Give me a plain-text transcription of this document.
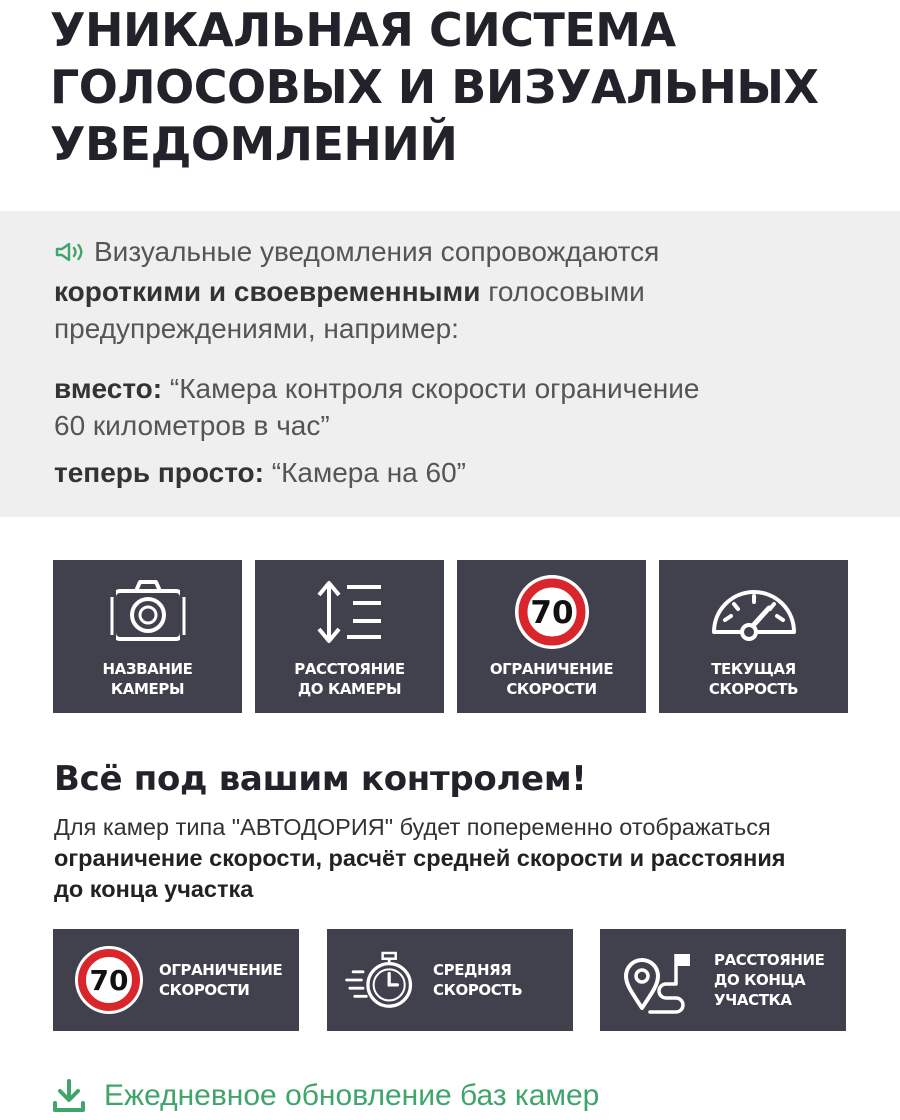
УНИКАЛЬНАЯ СИСТЕМА
ГОЛОСОВЫХ И ВИЗУАЛЬНЫХ
УВЕДОМЛЕНИЙ
Визуальные уведомления сопровождаются
короткими и своевременными голосовыми
предупреждениями, например:
вместо: “Камера контроля скорости ограничение
60 километров в час”
теперь просто: “Камера на 60”
НАЗВАНИЕ
КАМЕРЫ
РАССТОЯНИЕ
ДО КАМЕРЫ
70
ОГРАНИЧЕНИЕ
СКОРОСТИ
ТЕКУЩАЯ
СКОРОСТЬ
Всё под вашим контролем!
Для камер типа "АВТОДОРИЯ" будет попеременно отображаться
ограничение скорости, расчёт средней скорости и расстояния
до конца участка
70 ОГРАНИЧЕНИЕ
СКОРОСТИ
СРЕДНЯЯ
СКОРОСТЬ
РАССТОЯНИЕ
ДО КОНЦА
УЧАСТКА
Ежедневное обновление баз камер
